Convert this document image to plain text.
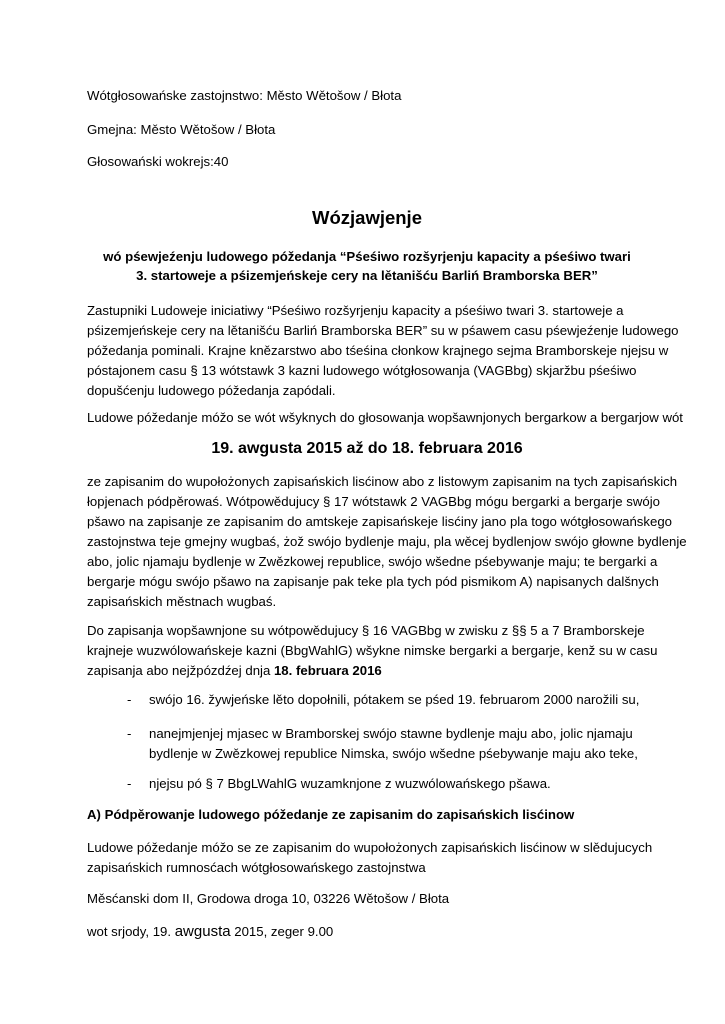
Wótgłosowańske zastojnstwo: Město Wětošow / Błota
Gmejna: Město Wětošow / Błota
Głosowański wokrejs:40
Wózjawjenje
wó pśewjeźenju ludowego póžedanja “Pśeśiwo rozšyrjenju kapacity a pśeśiwo twari
3. startoweje a pśizemjeńskeje cery na lětanišću Barliń Bramborska BER”
Zastupniki Ludoweje iniciatiwy “Pśeśiwo rozšyrjenju kapacity a pśeśiwo twari 3. startoweje a
pśizemjeńskeje cery na lětanišću Barliń Bramborska BER” su w pśawem casu pśewjeźenje ludowego
póžedanja pominali. Krajne knězarstwo abo tśeśina cłonkow krajnego sejma Bramborskeje njejsu w
póstajonem casu § 13 wótstawk 3 kazni ludowego wótgłosowanja (VAGBbg) skjaržbu pśeśiwo
dopušćenju ludowego póžedanja zapódali.
Ludowe póžedanje móžo se wót wšyknych do głosowanja wopšawnjonych bergarkow a bergarjow wót
19. awgusta 2015 až do 18. februara 2016
ze zapisanim do wupołożonych zapisańskich lisćinow abo z listowym zapisanim na tych zapisańskich
łopjenach pódpěrowaś. Wótpowědujucy § 17 wótstawk 2 VAGBbg mógu bergarki a bergarje swójo
pšawo na zapisanje ze zapisanim do amtskeje zapisańskeje lisćiny jano pla togo wótgłosowańskego
zastojnstwa teje gmejny wugbaś, żož swójo bydlenje maju, pla wěcej bydlenjow swójo głowne bydlenje
abo, jolic njamaju bydlenje w Zwězkowej republice, swójo wšedne pśebywanje maju; te bergarki a
bergarje mógu swójo pšawo na zapisanje pak teke pla tych pód pismikom A) napisanych dalšnych
zapisańskich městnach wugbaś.
Do zapisanja wopšawnjone su wótpowědujucy § 16 VAGBbg w zwisku z §§ 5 a 7 Bramborskeje
krajneje wuzwólowańskeje kazni (BbgWahlG) wšykne nimske bergarki a bergarje, kenž su w casu
zapisanja abo nejžpózdźej dnja 18. februara 2016
- swójo 16. žywjeńske lěto dopołnili, pótakem se pśed 19. februarom 2000 narožili su,
- nanejmjenjej mjasec w Bramborskej swójo stawne bydlenje maju abo, jolic njamaju
bydlenje w Zwězkowej republice Nimska, swójo wšedne pśebywanje maju ako teke,
- njejsu pó § 7 BbgLWahlG wuzamknjone z wuzwólowańskego pšawa.
A) Pódpěrowanje ludowego póžedanje ze zapisanim do zapisańskich lisćinow
Ludowe póžedanje móžo se ze zapisanim do wupołożonych zapisańskich lisćinow w slědujucych
zapisańskich rumnosćach wótgłosowańskego zastojnstwa
Měsćanski dom II, Grodowa droga 10, 03226 Wětošow / Błota
wot srjody, 19. awgusta 2015, zeger 9.00
